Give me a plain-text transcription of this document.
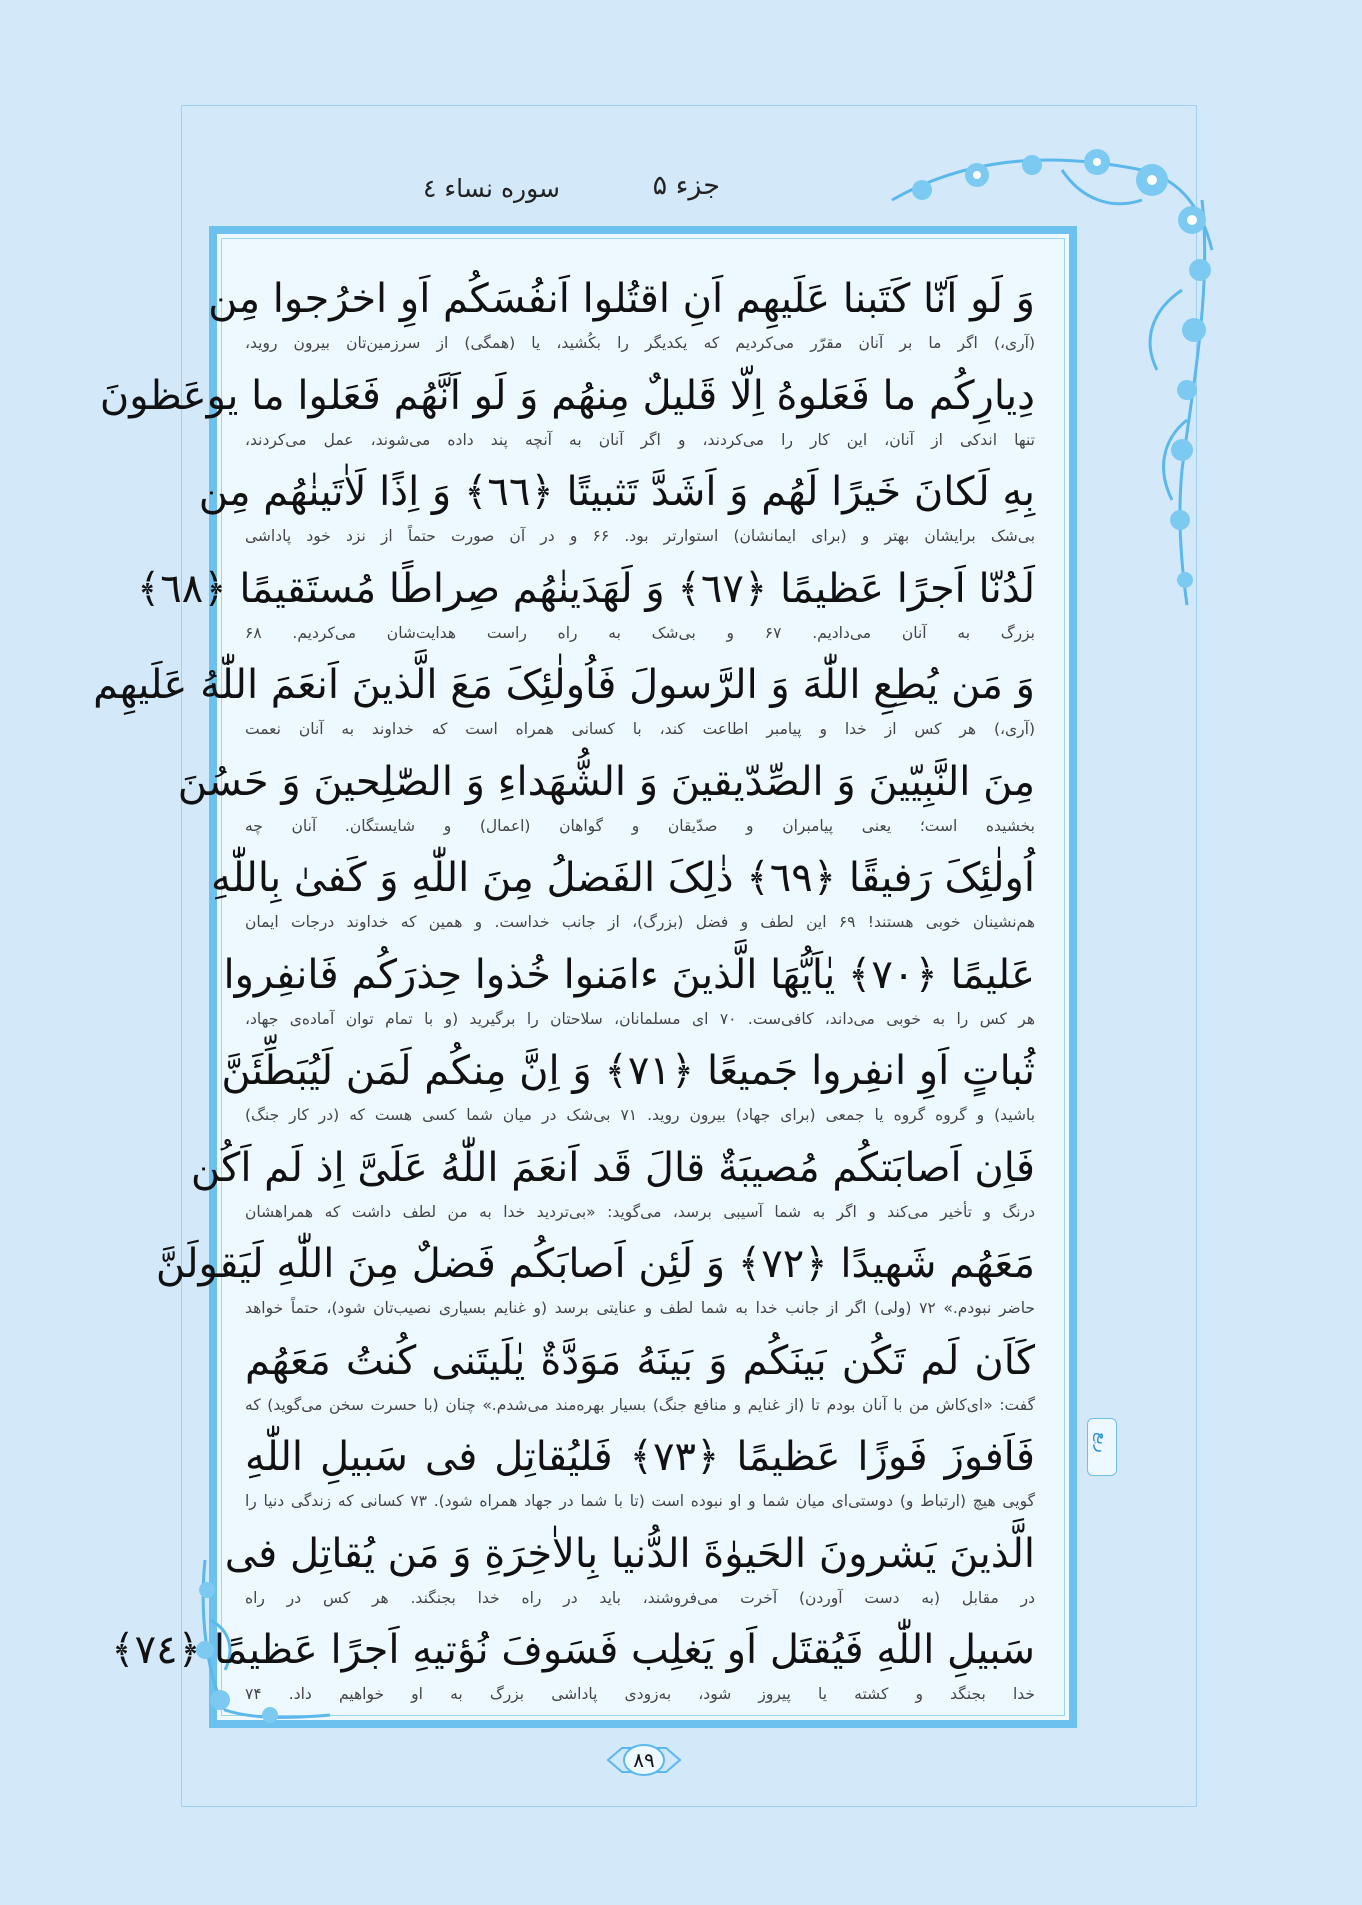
جزء ۵
سوره نساء ٤
وَ لَو اَنّا کَتَبنا عَلَيهِم اَنِ اقتُلوا اَنفُسَکُم اَوِ اخرُجوا مِن
(آری،) اگر ما بر آنان مقرّر می‌کردیم که یکدیگر را بکُشید، یا (همگی) از سرزمین‌تان بیرون روید،
دِيارِکُم ما فَعَلوهُ اِلّا قَليلٌ مِنهُم وَ لَو اَنَّهُم فَعَلوا ما يوعَظونَ
تنها اندکی از آنان، این کار را می‌کردند، و اگر آنان به آنچه پند داده می‌شوند، عمل می‌کردند،
بِهِ لَکانَ خَيرًا لَهُم وَ اَشَدَّ تَثبيتًا ﴿٦٦﴾ وَ اِذًا لَاٰتَينٰهُم مِن
بی‌شک برایشان بهتر و (برای ایمانشان) استوارتر بود. ۶۶ و در آن صورت حتماً از نزد خود پاداشی
لَدُنّا اَجرًا عَظيمًا ﴿٦٧﴾ وَ لَهَدَينٰهُم صِراطًا مُستَقيمًا ﴿٦٨﴾
بزرگ به آنان می‌دادیم. ۶۷ و بی‌شک به راه راست هدایت‌شان می‌کردیم. ۶۸
وَ مَن يُطِعِ اللّٰهَ وَ الرَّسولَ فَاُولٰئِکَ مَعَ الَّذينَ اَنعَمَ اللّٰهُ عَلَيهِم
(آری،) هر کس از خدا و پیامبر اطاعت کند، با کسانی همراه است که خداوند به آنان نعمت
مِنَ النَّبِيّينَ وَ الصِّدّيقينَ وَ الشُّهَداءِ وَ الصّٰلِحينَ وَ حَسُنَ
بخشیده است؛ یعنی پیامبران و صدّیقان و گواهان (اعمال) و شایستگان. آنان چه
اُولٰئِکَ رَفيقًا ﴿٦٩﴾ ذٰلِکَ الفَضلُ مِنَ اللّٰهِ وَ کَفىٰ بِاللّٰهِ
هم‌نشینان خوبی هستند! ۶۹ این لطف و فضل (بزرگ)، از جانب خداست. و همین که خداوند درجات ایمان
عَليمًا ﴿٧٠﴾ يٰاَيُّهَا الَّذينَ ءامَنوا خُذوا حِذرَکُم فَانفِروا
هر کس را به خوبی می‌داند، کافی‌ست. ۷۰ ای مسلمانان، سلاحتان را برگیرید (و با تمام توان آماده‌ی جهاد،
ثُباتٍ اَوِ انفِروا جَميعًا ﴿٧١﴾ وَ اِنَّ مِنکُم لَمَن لَيُبَطِّئَنَّ
باشید) و گروه گروه یا جمعی (برای جهاد) بیرون روید. ۷۱ بی‌شک در میان شما کسی هست که (در کار جنگ)
فَاِن اَصابَتکُم مُصيبَةٌ قالَ قَد اَنعَمَ اللّٰهُ عَلَىَّ اِذ لَم اَکُن
درنگ و تأخیر می‌کند و اگر به شما آسیبی برسد، می‌گوید: «بی‌تردید خدا به من لطف داشت که همراهشان
مَعَهُم شَهيدًا ﴿٧٢﴾ وَ لَئِن اَصابَکُم فَضلٌ مِنَ اللّٰهِ لَيَقولَنَّ
حاضر نبودم.» ۷۲ (ولی) اگر از جانب خدا به شما لطف و عنایتی برسد (و غنایم بسیاری نصیب‌تان شود)، حتماً خواهد
کَاَن لَم تَکُن بَينَکُم وَ بَينَهُ مَوَدَّةٌ يٰلَيتَنى کُنتُ مَعَهُم
گفت: «ای‌کاش من با آنان بودم تا (از غنایم و منافع جنگ) بسیار بهره‌مند می‌شدم.» چنان (با حسرت سخن می‌گوید) که
فَاَفوزَ فَوزًا عَظيمًا ﴿٧٣﴾ فَليُقاتِل فى سَبيلِ اللّٰهِ
گویی هیچ (ارتباط و) دوستی‌ای میان شما و او نبوده است (تا با شما در جهاد همراه شود). ۷۳ کسانی که زندگی دنیا را
الَّذينَ يَشرونَ الحَيوٰةَ الدُّنيا بِالاٰخِرَةِ وَ مَن يُقاتِل فى
در مقابل (به دست آوردن) آخرت می‌فروشند، باید در راه خدا بجنگند. هر کس در راه
سَبيلِ اللّٰهِ فَيُقتَل اَو يَغلِب فَسَوفَ نُؤتيهِ اَجرًا عَظيمًا ﴿٧٤﴾
خدا بجنگد و کشته یا پیروز شود، به‌زودی پاداشی بزرگ به او خواهیم داد. ۷۴
ربع
۸۹
